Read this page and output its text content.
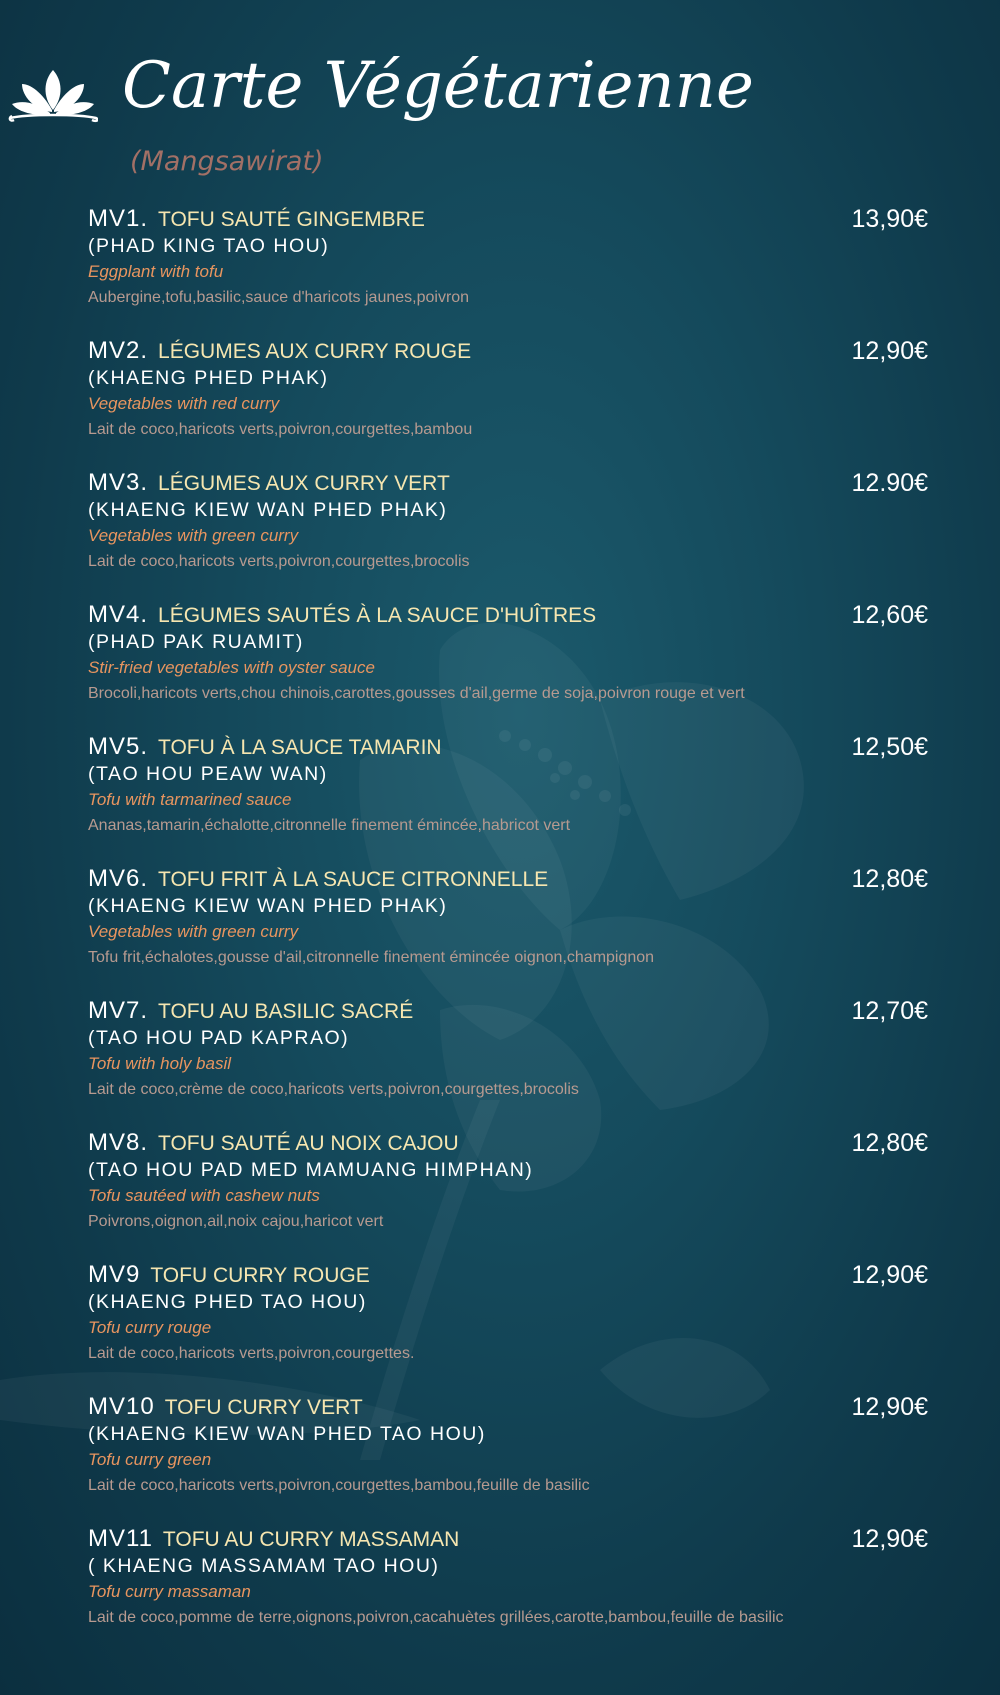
Carte Végétarienne
(Mangsawirat)
MV1. TOFU SAUTÉ GINGEMBRE	13,90€
(PHAD KING TAO HOU)
Eggplant with tofu
Aubergine,tofu,basilic,sauce d'haricots jaunes,poivron
MV2. LÉGUMES AUX CURRY ROUGE	12,90€
(KHAENG PHED PHAK)
Vegetables with red curry
Lait de coco,haricots verts,poivron,courgettes,bambou
MV3. LÉGUMES AUX CURRY VERT	12.90€
(KHAENG KIEW WAN PHED PHAK)
Vegetables with green curry
Lait de coco,haricots verts,poivron,courgettes,brocolis
MV4. LÉGUMES SAUTÉS À LA SAUCE D'HUÎTRES	12,60€
(PHAD PAK RUAMIT)
Stir-fried vegetables with oyster sauce
Brocoli,haricots verts,chou chinois,carottes,gousses d'ail,germe de soja,poivron rouge et vert
MV5. TOFU À LA SAUCE TAMARIN	12,50€
(TAO HOU PEAW WAN)
Tofu with tarmarined sauce
Ananas,tamarin,échalotte,citronnelle finement émincée,habricot vert
MV6. TOFU FRIT À LA SAUCE CITRONNELLE	12,80€
(KHAENG KIEW WAN PHED PHAK)
Vegetables with green curry
Tofu frit,échalotes,gousse d'ail,citronnelle finement émincée oignon,champignon
MV7. TOFU AU BASILIC SACRÉ	12,70€
(TAO HOU PAD KAPRAO)
Tofu with holy basil
Lait de coco,crème de coco,haricots verts,poivron,courgettes,brocolis
MV8. TOFU SAUTÉ AU NOIX CAJOU	12,80€
(TAO HOU PAD MED MAMUANG HIMPHAN)
Tofu sautéed with cashew nuts
Poivrons,oignon,ail,noix cajou,haricot vert
MV9 TOFU CURRY ROUGE	12,90€
(KHAENG PHED TAO HOU)
Tofu curry rouge
Lait de coco,haricots verts,poivron,courgettes.
MV10 TOFU CURRY VERT	12,90€
(KHAENG KIEW WAN PHED TAO HOU)
Tofu curry green
Lait de coco,haricots verts,poivron,courgettes,bambou,feuille de basilic
MV11 TOFU AU CURRY MASSAMAN	12,90€
( KHAENG MASSAMAM TAO HOU)
Tofu curry massaman
Lait de coco,pomme de terre,oignons,poivron,cacahuètes grillées,carotte,bambou,feuille de basilic
